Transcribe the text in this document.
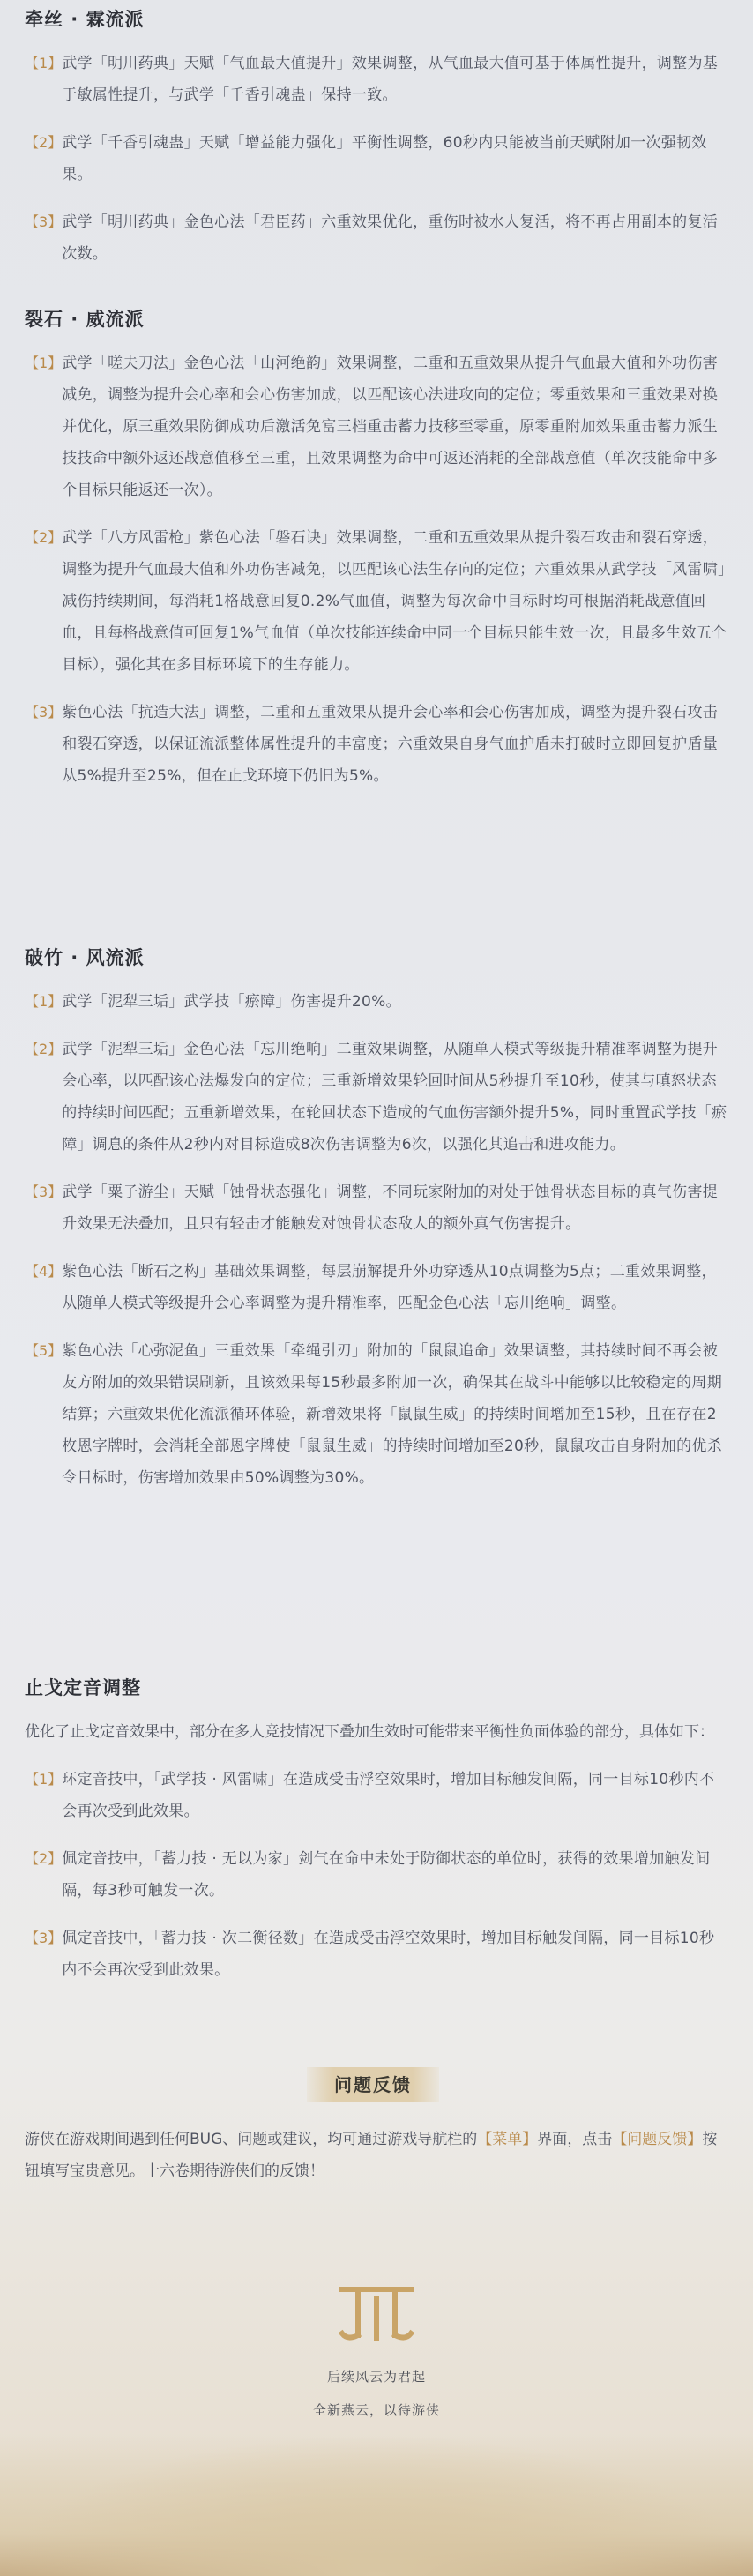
牵丝 · 霖流派
【1】 武学「明川药典」天赋「气血最大值提升」效果调整，从气血最大值可基于体属性提升，调整为基于敏属性提升，与武学「千香引魂蛊」保持一致。
【2】 武学「千香引魂蛊」天赋「增益能力强化」平衡性调整，60秒内只能被当前天赋附加一次强韧效果。
【3】 武学「明川药典」金色心法「君臣药」六重效果优化，重伤时被水人复活，将不再占用副本的复活次数。
裂石 · 威流派
【1】 武学「嗟夫刀法」金色心法「山河绝韵」效果调整，二重和五重效果从提升气血最大值和外功伤害减免，调整为提升会心率和会心伤害加成，以匹配该心法进攻向的定位；零重效果和三重效果对换并优化，原三重效果防御成功后激活免富三档重击蓄力技移至零重，原零重附加效果重击蓄力派生技技命中额外返还战意值移至三重，且效果调整为命中可返还消耗的全部战意值（单次技能命中多个目标只能返还一次）。
【2】 武学「八方风雷枪」紫色心法「磐石诀」效果调整，二重和五重效果从提升裂石攻击和裂石穿透，调整为提升气血最大值和外功伤害减免，以匹配该心法生存向的定位；六重效果从武学技「风雷啸」减伤持续期间，每消耗1格战意回复0.2%气血值，调整为每次命中目标时均可根据消耗战意值回血，且每格战意值可回复1%气血值（单次技能连续命中同一个目标只能生效一次，且最多生效五个目标），强化其在多目标环境下的生存能力。
【3】 紫色心法「抗造大法」调整，二重和五重效果从提升会心率和会心伤害加成，调整为提升裂石攻击和裂石穿透，以保证流派整体属性提升的丰富度；六重效果自身气血护盾未打破时立即回复护盾量从5%提升至25%，但在止戈环境下仍旧为5%。
破竹 · 风流派
【1】 武学「泥犁三垢」武学技「瘀障」伤害提升20%。
【2】 武学「泥犁三垢」金色心法「忘川绝响」二重效果调整，从随单人模式等级提升精准率调整为提升会心率，以匹配该心法爆发向的定位；三重新增效果轮回时间从5秒提升至10秒，使其与嗔怒状态的持续时间匹配；五重新增效果，在轮回状态下造成的气血伤害额外提升5%，同时重置武学技「瘀障」调息的条件从2秒内对目标造成8次伤害调整为6次，以强化其追击和进攻能力。
【3】 武学「粟子游尘」天赋「蚀骨状态强化」调整，不同玩家附加的对处于蚀骨状态目标的真气伤害提升效果无法叠加，且只有轻击才能触发对蚀骨状态敌人的额外真气伤害提升。
【4】 紫色心法「断石之构」基础效果调整，每层崩解提升外功穿透从10点调整为5点；二重效果调整，从随单人模式等级提升会心率调整为提升精准率，匹配金色心法「忘川绝响」调整。
【5】 紫色心法「心弥泥鱼」三重效果「牵绳引刃」附加的「鼠鼠追命」效果调整，其持续时间不再会被友方附加的效果错误刷新，且该效果每15秒最多附加一次，确保其在战斗中能够以比较稳定的周期结算；六重效果优化流派循环体验，新增效果将「鼠鼠生威」的持续时间增加至15秒，且在存在2枚恩字牌时，会消耗全部恩字牌使「鼠鼠生威」的持续时间增加至20秒，鼠鼠攻击自身附加的优杀令目标时，伤害增加效果由50%调整为30%。
止戈定音调整
优化了止戈定音效果中，部分在多人竞技情况下叠加生效时可能带来平衡性负面体验的部分，具体如下：
【1】 环定音技中，「武学技 · 风雷啸」在造成受击浮空效果时，增加目标触发间隔，同一目标10秒内不会再次受到此效果。
【2】 佩定音技中，「蓄力技 · 无以为家」剑气在命中未处于防御状态的单位时，获得的效果增加触发间隔，每3秒可触发一次。
【3】 佩定音技中，「蓄力技 · 次二衡径数」在造成受击浮空效果时，增加目标触发间隔，同一目标10秒内不会再次受到此效果。
问题反馈
游侠在游戏期间遇到任何BUG、问题或建议，均可通过游戏导航栏的【菜单】界面，点击【问题反馈】按钮填写宝贵意见。十六卷期待游侠们的反馈！
后续风云为君起
全新燕云，以待游侠
